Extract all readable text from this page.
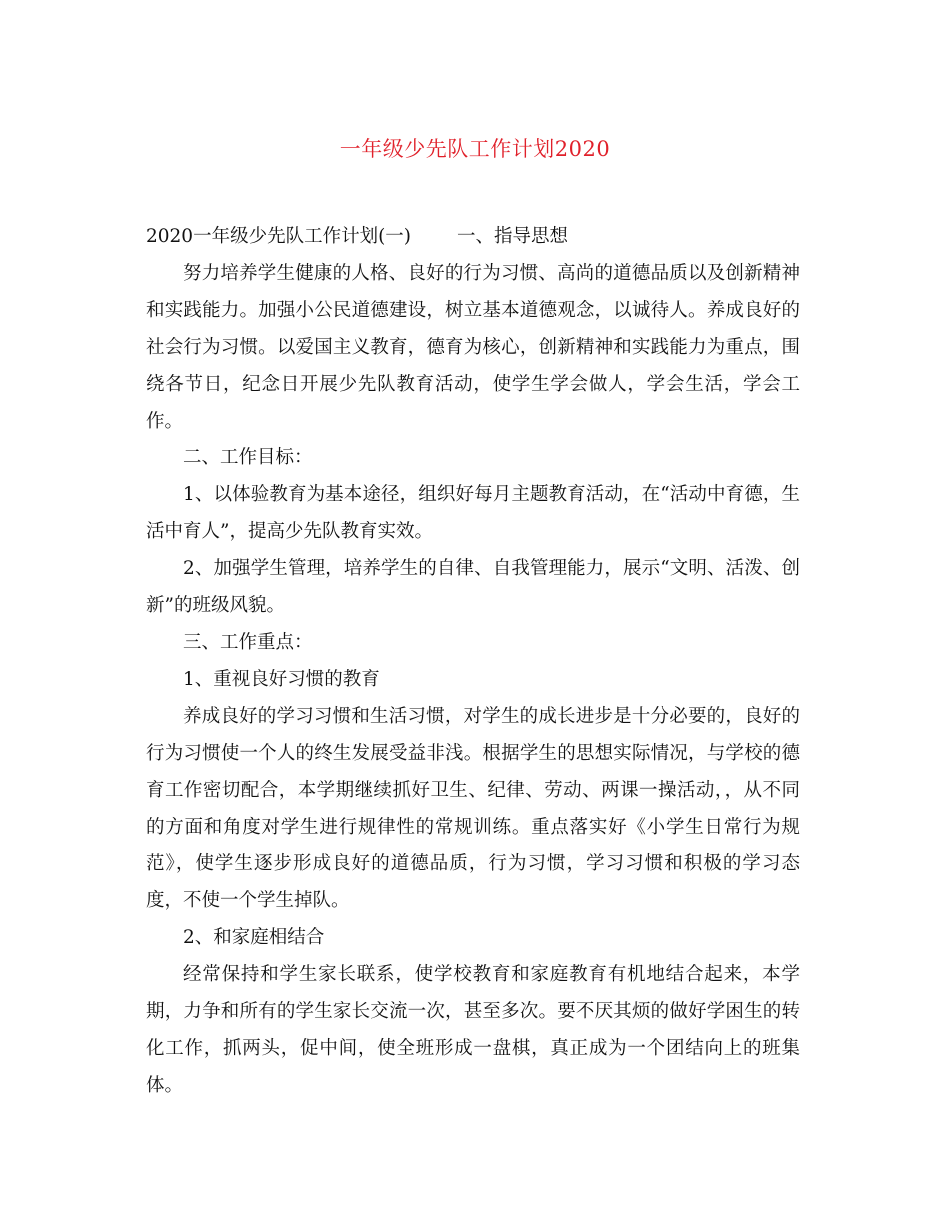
一年级少先队工作计划2020

2020一年级少先队工作计划(一) 一、指导思想

努力培养学生健康的人格、良好的行为习惯、高尚的道德品质以及创新精神和实践能力。加强小公民道德建设，树立基本道德观念，以诚待人。养成良好的社会行为习惯。以爱国主义教育，德育为核心，创新精神和实践能力为重点，围绕各节日，纪念日开展少先队教育活动，使学生学会做人，学会生活，学会工作。

二、工作目标：

1、以体验教育为基本途径，组织好每月主题教育活动，在“活动中育德，生活中育人”，提高少先队教育实效。

2、加强学生管理，培养学生的自律、自我管理能力，展示“文明、活泼、创新”的班级风貌。

三、工作重点：

1、重视良好习惯的教育

养成良好的学习习惯和生活习惯，对学生的成长进步是十分必要的，良好的行为习惯使一个人的终生发展受益非浅。根据学生的思想实际情况，与学校的德育工作密切配合，本学期继续抓好卫生、纪律、劳动、两课一操活动，，从不同的方面和角度对学生进行规律性的常规训练。重点落实好《小学生日常行为规范》，使学生逐步形成良好的道德品质，行为习惯，学习习惯和积极的学习态度，不使一个学生掉队。

2、和家庭相结合

经常保持和学生家长联系，使学校教育和家庭教育有机地结合起来，本学期，力争和所有的学生家长交流一次，甚至多次。要不厌其烦的做好学困生的转化工作，抓两头，促中间，使全班形成一盘棋，真正成为一个团结向上的班集体。
